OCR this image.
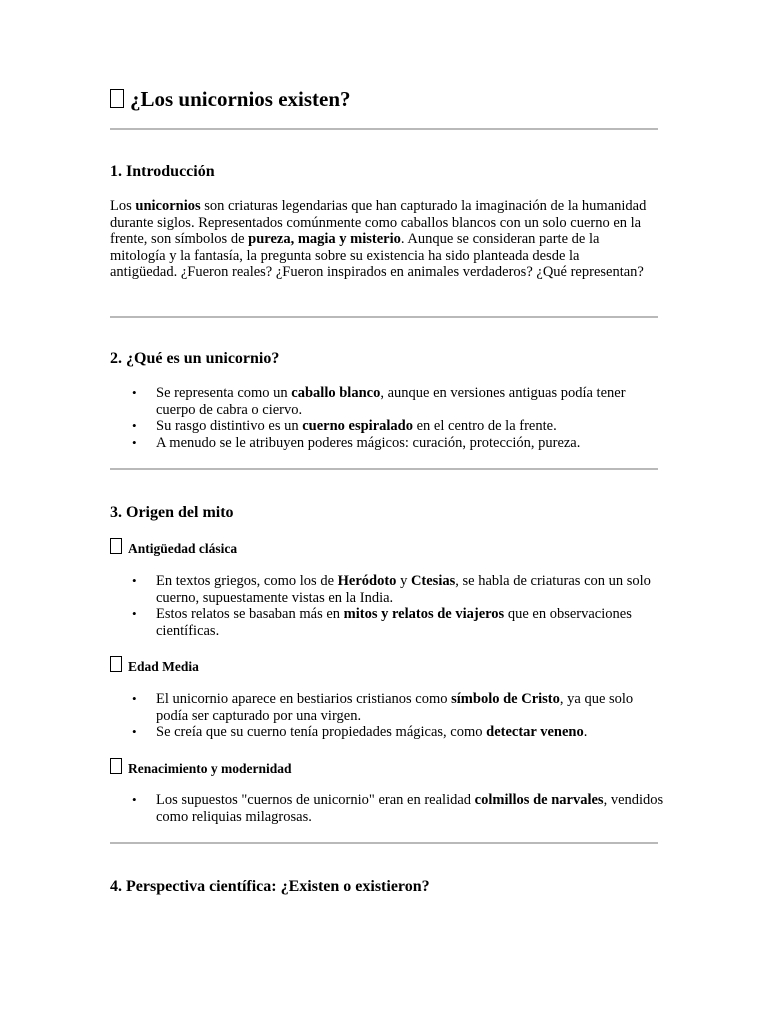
¿Los unicornios existen?
1. Introducción

Los unicornios son criaturas legendarias que han capturado la imaginación de la humanidad durante siglos. Representados comúnmente como caballos blancos con un solo cuerno en la frente, son símbolos de pureza, magia y misterio. Aunque se consideran parte de la mitología y la fantasía, la pregunta sobre su existencia ha sido planteada desde la antigüedad. ¿Fueron reales? ¿Fueron inspirados en animales verdaderos? ¿Qué representan?

2. ¿Qué es un unicornio?
• Se representa como un caballo blanco, aunque en versiones antiguas podía tener cuerpo de cabra o ciervo.
• Su rasgo distintivo es un cuerno espiralado en el centro de la frente.
• A menudo se le atribuyen poderes mágicos: curación, protección, pureza.
3. Origen del mito
Antigüedad clásica
• En textos griegos, como los de Heródoto y Ctesias, se habla de criaturas con un solo cuerno, supuestamente vistas en la India.
• Estos relatos se basaban más en mitos y relatos de viajeros que en observaciones científicas.
Edad Media
• El unicornio aparece en bestiarios cristianos como símbolo de Cristo, ya que solo podía ser capturado por una virgen.
• Se creía que su cuerno tenía propiedades mágicas, como detectar veneno.
Renacimiento y modernidad
• Los supuestos "cuernos de unicornio" eran en realidad colmillos de narvales, vendidos como reliquias milagrosas.
4. Perspectiva científica: ¿Existen o existieron?
